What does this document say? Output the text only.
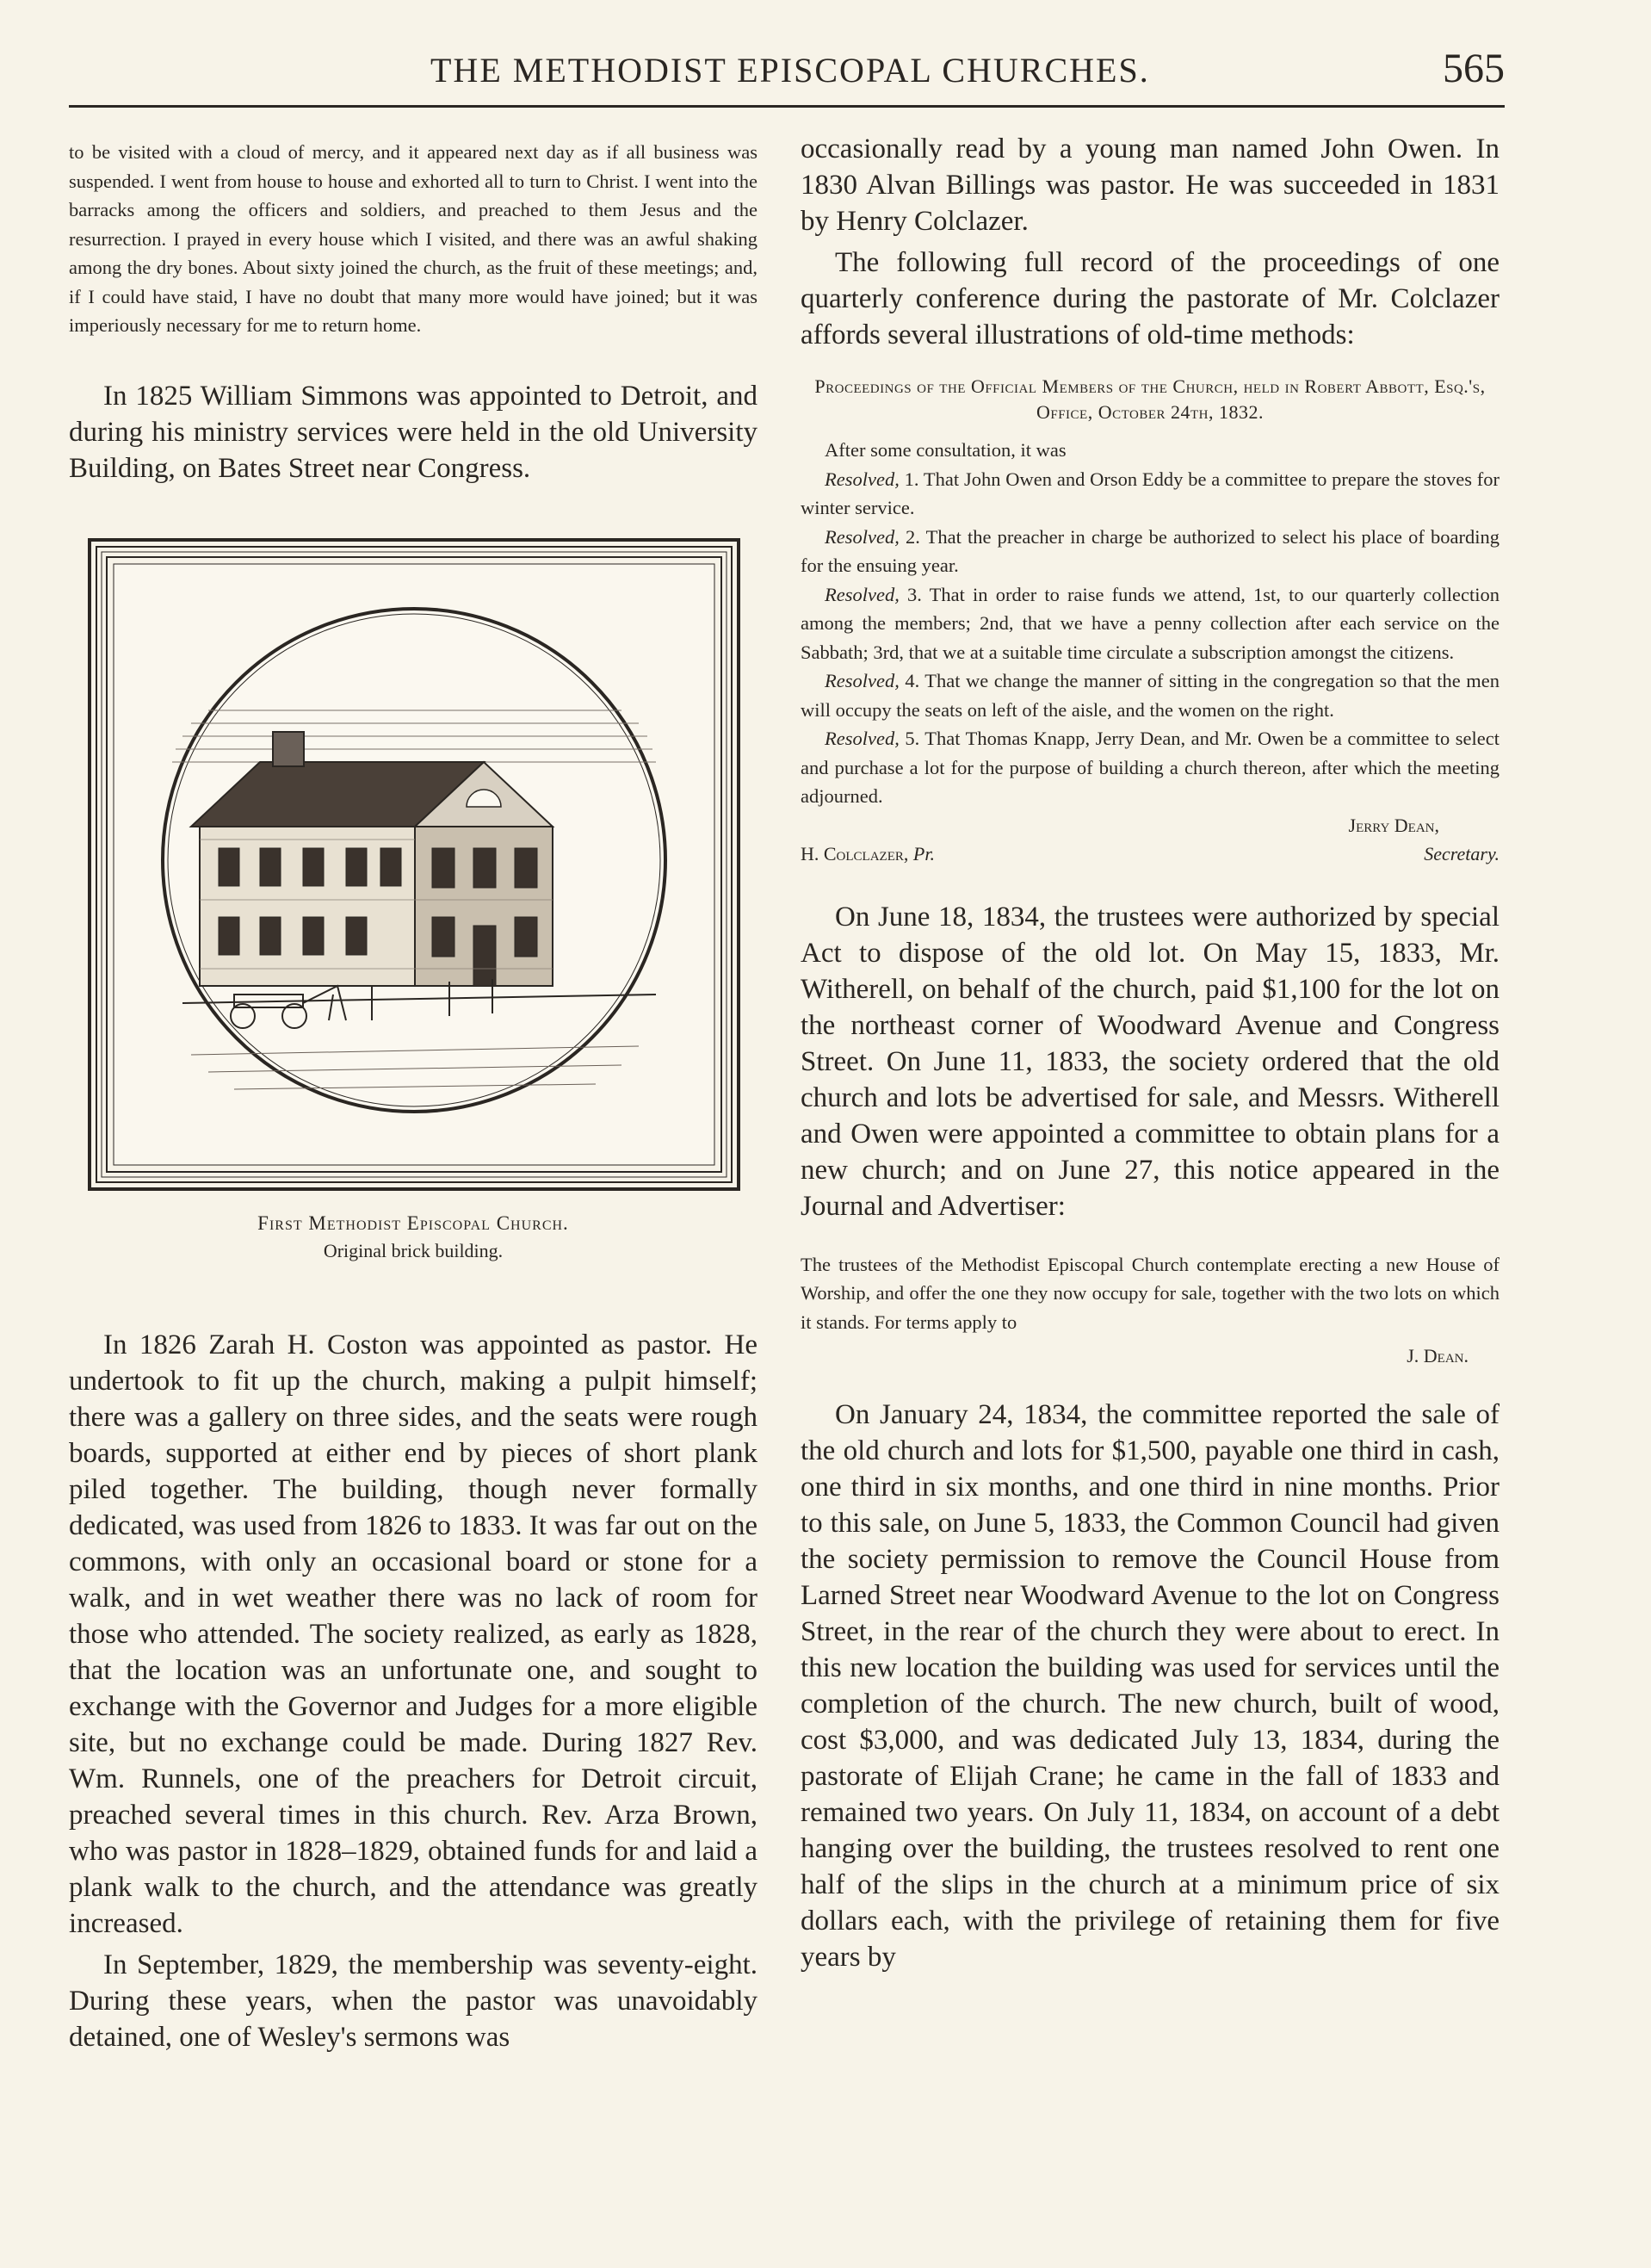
THE METHODIST EPISCOPAL CHURCHES.	565

to be visited with a cloud of mercy, and it appeared next day as if all business was suspended. I went from house to house and exhorted all to turn to Christ. I went into the barracks among the officers and soldiers, and preached to them Jesus and the resurrection. I prayed in every house which I visited, and there was an awful shaking among the dry bones. About sixty joined the church, as the fruit of these meetings; and, if I could have staid, I have no doubt that many more would have joined; but it was imperiously necessary for me to return home.

In 1825 William Simmons was appointed to Detroit, and during his ministry services were held in the old University Building, on Bates Street near Congress.

First Methodist Episcopal Church.
Original brick building.

In 1826 Zarah H. Coston was appointed as pastor. He undertook to fit up the church, making a pulpit himself; there was a gallery on three sides, and the seats were rough boards, supported at either end by pieces of short plank piled together. The building, though never formally dedicated, was used from 1826 to 1833. It was far out on the commons, with only an occasional board or stone for a walk, and in wet weather there was no lack of room for those who attended. The society realized, as early as 1828, that the location was an unfortunate one, and sought to exchange with the Governor and Judges for a more eligible site, but no exchange could be made. During 1827 Rev. Wm. Runnels, one of the preachers for Detroit circuit, preached several times in this church. Rev. Arza Brown, who was pastor in 1828–1829, obtained funds for and laid a plank walk to the church, and the attendance was greatly increased.

In September, 1829, the membership was seventy-eight. During these years, when the pastor was unavoidably detained, one of Wesley's sermons was

occasionally read by a young man named John Owen. In 1830 Alvan Billings was pastor. He was succeeded in 1831 by Henry Colclazer.

The following full record of the proceedings of one quarterly conference during the pastorate of Mr. Colclazer affords several illustrations of old-time methods:

Proceedings of the Official Members of the Church, held in Robert Abbott, Esq.'s, Office, October 24th, 1832.
After some consultation, it was
Resolved, 1. That John Owen and Orson Eddy be a committee to prepare the stoves for winter service.
Resolved, 2. That the preacher in charge be authorized to select his place of boarding for the ensuing year.
Resolved, 3. That in order to raise funds we attend, 1st, to our quarterly collection among the members; 2nd, that we have a penny collection after each service on the Sabbath; 3rd, that we at a suitable time circulate a subscription amongst the citizens.
Resolved, 4. That we change the manner of sitting in the congregation so that the men will occupy the seats on left of the aisle, and the women on the right.
Resolved, 5. That Thomas Knapp, Jerry Dean, and Mr. Owen be a committee to select and purchase a lot for the purpose of building a church thereon, after which the meeting adjourned.
Jerry Dean,
H. Colclazer, Pr.	Secretary.

On June 18, 1834, the trustees were authorized by special Act to dispose of the old lot. On May 15, 1833, Mr. Witherell, on behalf of the church, paid $1,100 for the lot on the northeast corner of Woodward Avenue and Congress Street. On June 11, 1833, the society ordered that the old church and lots be advertised for sale, and Messrs. Witherell and Owen were appointed a committee to obtain plans for a new church; and on June 27, this notice appeared in the Journal and Advertiser:

The trustees of the Methodist Episcopal Church contemplate erecting a new House of Worship, and offer the one they now occupy for sale, together with the two lots on which it stands. For terms apply to
J. Dean.

On January 24, 1834, the committee reported the sale of the old church and lots for $1,500, payable one third in cash, one third in six months, and one third in nine months. Prior to this sale, on June 5, 1833, the Common Council had given the society permission to remove the Council House from Larned Street near Woodward Avenue to the lot on Congress Street, in the rear of the church they were about to erect. In this new location the building was used for services until the completion of the church. The new church, built of wood, cost $3,000, and was dedicated July 13, 1834, during the pastorate of Elijah Crane; he came in the fall of 1833 and remained two years. On July 11, 1834, on account of a debt hanging over the building, the trustees resolved to rent one half of the slips in the church at a minimum price of six dollars each, with the privilege of retaining them for five years by
